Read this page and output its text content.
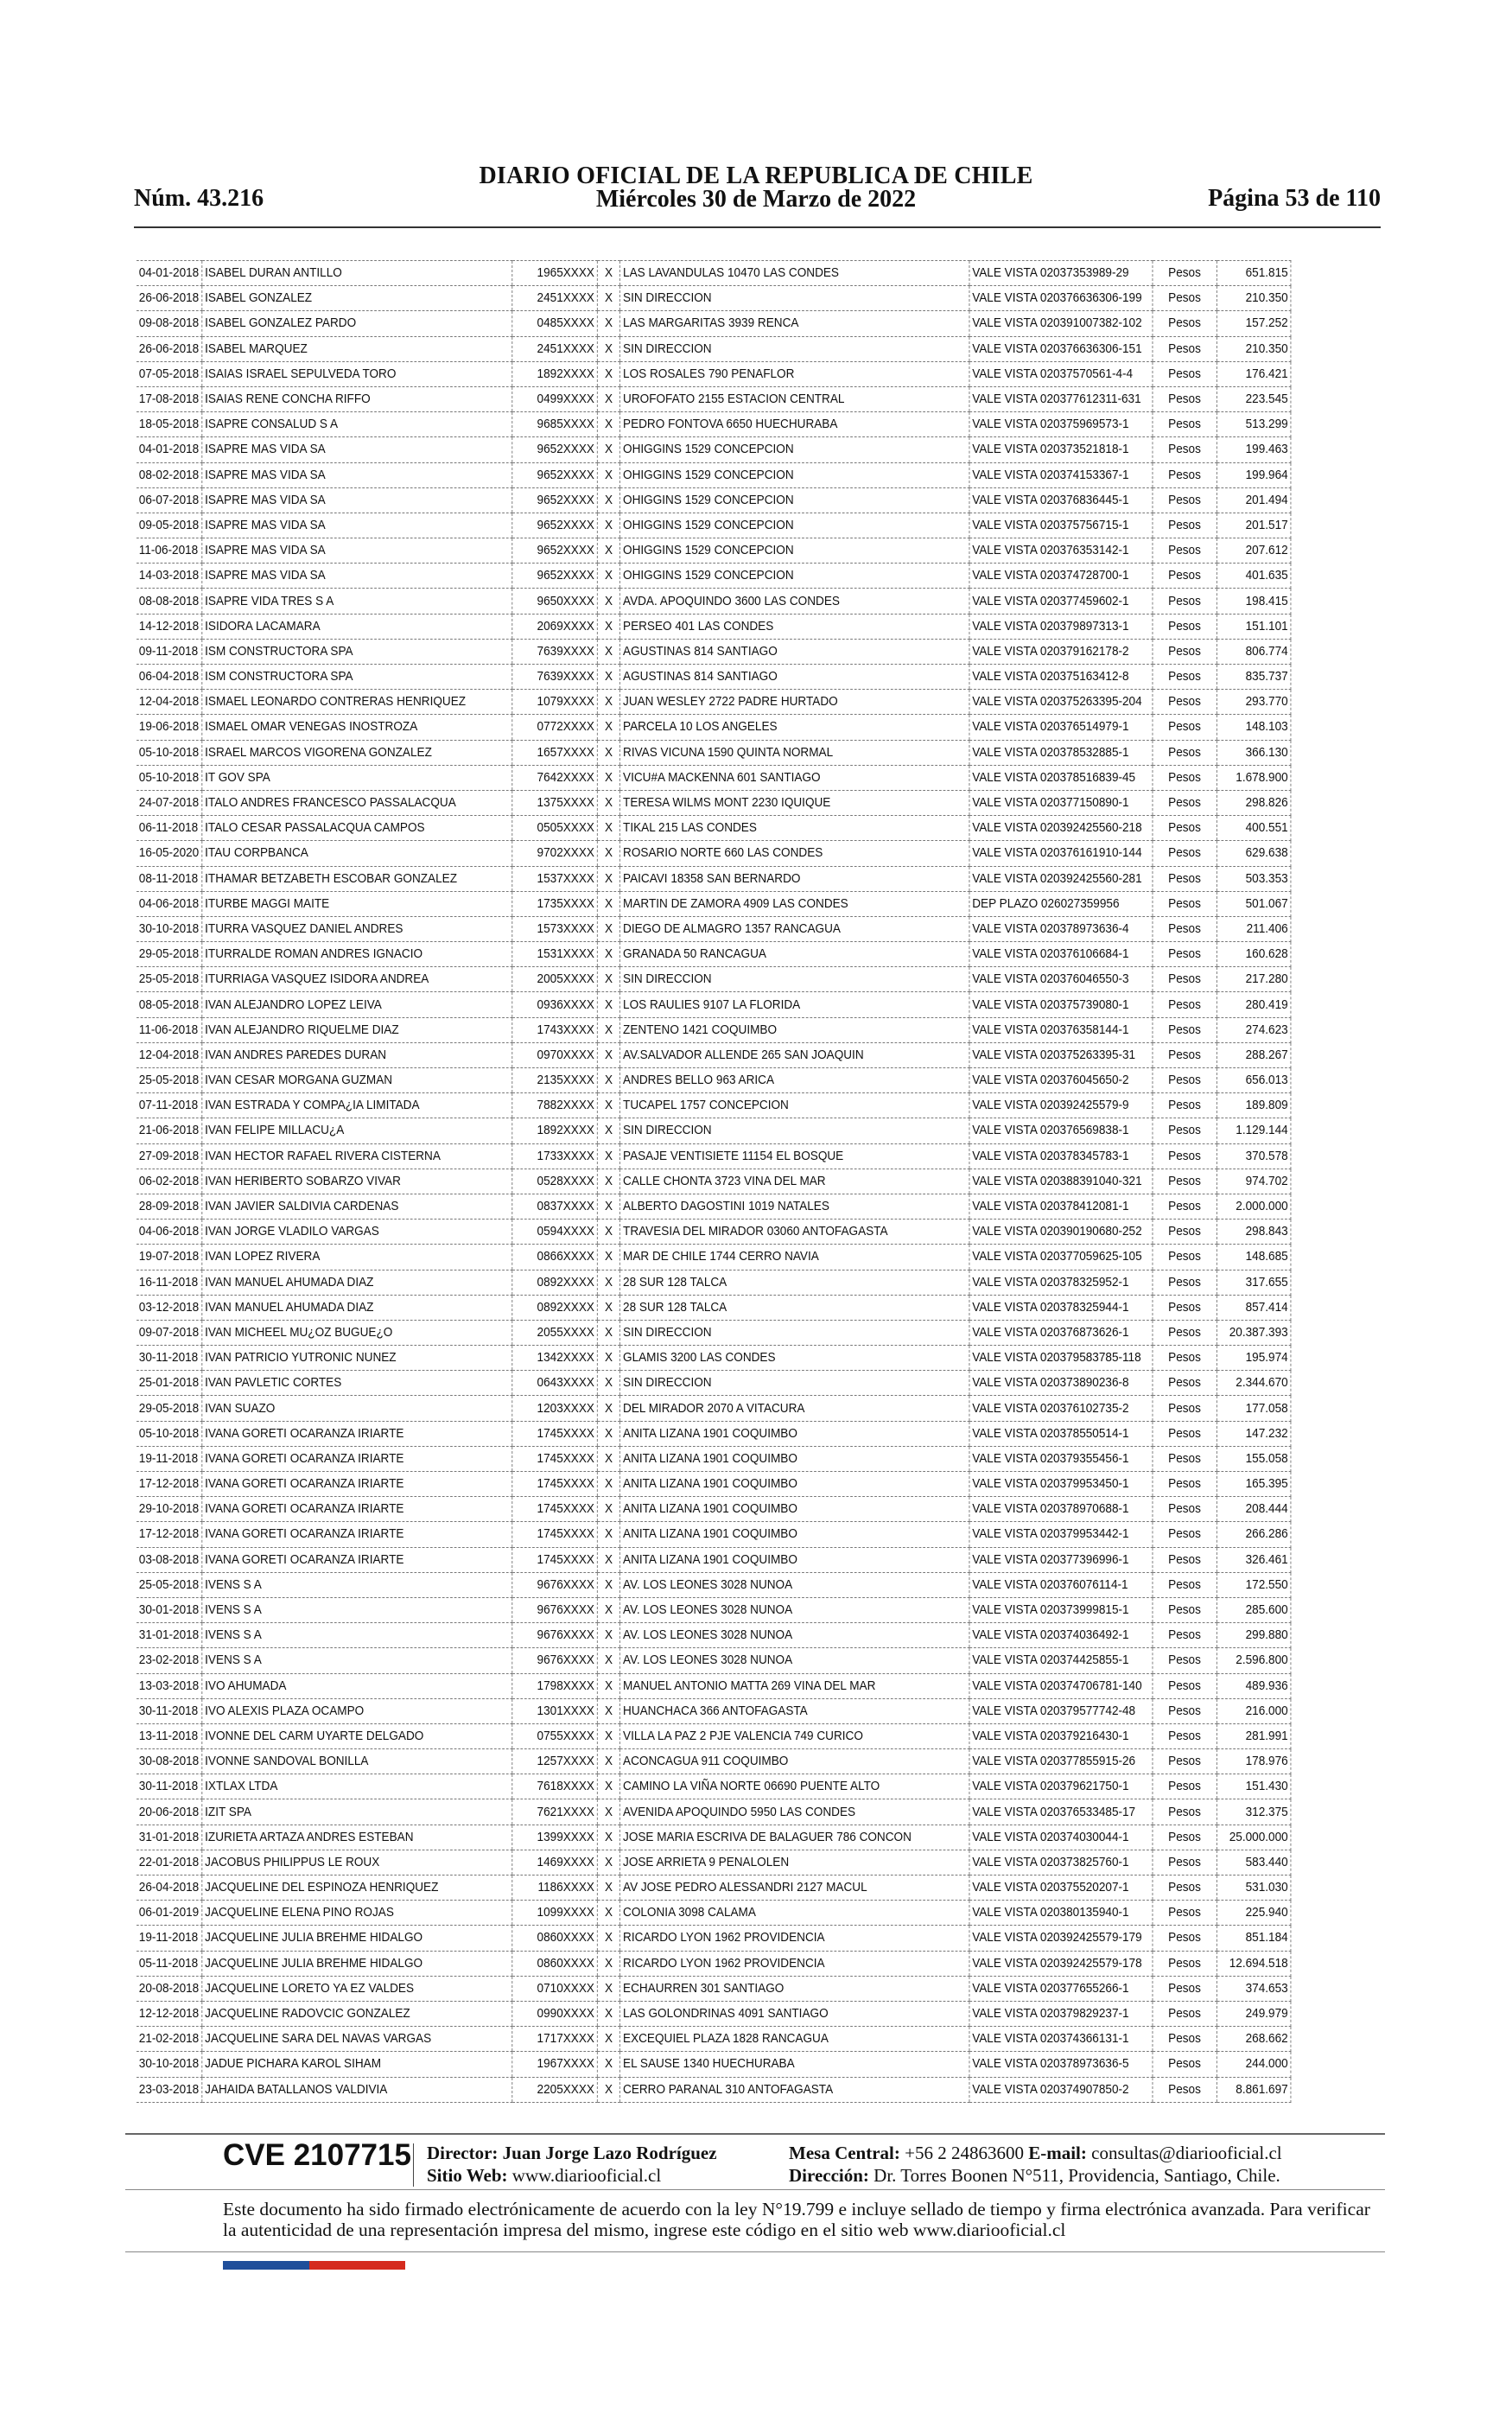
DIARIO OFICIAL DE LA REPUBLICA DE CHILE
Núm. 43.216	Miércoles 30 de Marzo de 2022	Página 53 de 110
04-01-2018	ISABEL DURAN ANTILLO	1965XXXX	X	LAS LAVANDULAS 10470 LAS CONDES	VALE VISTA 02037353989-29	Pesos	651.815
26-06-2018	ISABEL GONZALEZ	2451XXXX	X	SIN DIRECCION	VALE VISTA 020376636306-199	Pesos	210.350
09-08-2018	ISABEL GONZALEZ PARDO	0485XXXX	X	LAS MARGARITAS 3939 RENCA	VALE VISTA 020391007382-102	Pesos	157.252
26-06-2018	ISABEL MARQUEZ	2451XXXX	X	SIN DIRECCION	VALE VISTA 020376636306-151	Pesos	210.350
07-05-2018	ISAIAS ISRAEL SEPULVEDA TORO	1892XXXX	X	LOS ROSALES 790 PENAFLOR	VALE VISTA 02037570561-4-4	Pesos	176.421
17-08-2018	ISAIAS RENE CONCHA RIFFO	0499XXXX	X	UROFOFATO 2155 ESTACION CENTRAL	VALE VISTA 020377612311-631	Pesos	223.545
18-05-2018	ISAPRE CONSALUD S A	9685XXXX	X	PEDRO FONTOVA 6650 HUECHURABA	VALE VISTA 020375969573-1	Pesos	513.299
04-01-2018	ISAPRE MAS VIDA SA	9652XXXX	X	OHIGGINS 1529 CONCEPCION	VALE VISTA 020373521818-1	Pesos	199.463
08-02-2018	ISAPRE MAS VIDA SA	9652XXXX	X	OHIGGINS 1529 CONCEPCION	VALE VISTA 020374153367-1	Pesos	199.964
06-07-2018	ISAPRE MAS VIDA SA	9652XXXX	X	OHIGGINS 1529 CONCEPCION	VALE VISTA 020376836445-1	Pesos	201.494
09-05-2018	ISAPRE MAS VIDA SA	9652XXXX	X	OHIGGINS 1529 CONCEPCION	VALE VISTA 020375756715-1	Pesos	201.517
11-06-2018	ISAPRE MAS VIDA SA	9652XXXX	X	OHIGGINS 1529 CONCEPCION	VALE VISTA 020376353142-1	Pesos	207.612
14-03-2018	ISAPRE MAS VIDA SA	9652XXXX	X	OHIGGINS 1529 CONCEPCION	VALE VISTA 020374728700-1	Pesos	401.635
08-08-2018	ISAPRE VIDA TRES S A	9650XXXX	X	AVDA. APOQUINDO 3600 LAS CONDES	VALE VISTA 020377459602-1	Pesos	198.415
14-12-2018	ISIDORA LACAMARA	2069XXXX	X	PERSEO 401 LAS CONDES	VALE VISTA 020379897313-1	Pesos	151.101
09-11-2018	ISM CONSTRUCTORA SPA	7639XXXX	X	AGUSTINAS 814 SANTIAGO	VALE VISTA 020379162178-2	Pesos	806.774
06-04-2018	ISM CONSTRUCTORA SPA	7639XXXX	X	AGUSTINAS 814 SANTIAGO	VALE VISTA 020375163412-8	Pesos	835.737
12-04-2018	ISMAEL LEONARDO CONTRERAS HENRIQUEZ	1079XXXX	X	JUAN WESLEY 2722 PADRE HURTADO	VALE VISTA 020375263395-204	Pesos	293.770
19-06-2018	ISMAEL OMAR VENEGAS INOSTROZA	0772XXXX	X	PARCELA 10 LOS ANGELES	VALE VISTA 020376514979-1	Pesos	148.103
05-10-2018	ISRAEL MARCOS VIGORENA GONZALEZ	1657XXXX	X	RIVAS VICUNA 1590 QUINTA NORMAL	VALE VISTA 020378532885-1	Pesos	366.130
05-10-2018	IT GOV SPA	7642XXXX	X	VICU#A MACKENNA 601 SANTIAGO	VALE VISTA 020378516839-45	Pesos	1.678.900
24-07-2018	ITALO ANDRES FRANCESCO PASSALACQUA	1375XXXX	X	TERESA WILMS MONT 2230 IQUIQUE	VALE VISTA 020377150890-1	Pesos	298.826
06-11-2018	ITALO CESAR PASSALACQUA CAMPOS	0505XXXX	X	TIKAL 215 LAS CONDES	VALE VISTA 020392425560-218	Pesos	400.551
16-05-2020	ITAU CORPBANCA	9702XXXX	X	ROSARIO NORTE 660 LAS CONDES	VALE VISTA 020376161910-144	Pesos	629.638
08-11-2018	ITHAMAR BETZABETH ESCOBAR GONZALEZ	1537XXXX	X	PAICAVI 18358 SAN BERNARDO	VALE VISTA 020392425560-281	Pesos	503.353
04-06-2018	ITURBE MAGGI MAITE	1735XXXX	X	MARTIN DE ZAMORA 4909 LAS CONDES	DEP PLAZO 026027359956	Pesos	501.067
30-10-2018	ITURRA VASQUEZ DANIEL ANDRES	1573XXXX	X	DIEGO DE ALMAGRO 1357 RANCAGUA	VALE VISTA 020378973636-4	Pesos	211.406
29-05-2018	ITURRALDE ROMAN ANDRES IGNACIO	1531XXXX	X	GRANADA 50 RANCAGUA	VALE VISTA 020376106684-1	Pesos	160.628
25-05-2018	ITURRIAGA VASQUEZ ISIDORA ANDREA	2005XXXX	X	SIN DIRECCION	VALE VISTA 020376046550-3	Pesos	217.280
08-05-2018	IVAN ALEJANDRO LOPEZ LEIVA	0936XXXX	X	LOS RAULIES 9107 LA FLORIDA	VALE VISTA 020375739080-1	Pesos	280.419
11-06-2018	IVAN ALEJANDRO RIQUELME DIAZ	1743XXXX	X	ZENTENO 1421 COQUIMBO	VALE VISTA 020376358144-1	Pesos	274.623
12-04-2018	IVAN ANDRES PAREDES DURAN	0970XXXX	X	AV.SALVADOR ALLENDE 265 SAN JOAQUIN	VALE VISTA 020375263395-31	Pesos	288.267
25-05-2018	IVAN CESAR MORGANA GUZMAN	2135XXXX	X	ANDRES BELLO 963 ARICA	VALE VISTA 020376045650-2	Pesos	656.013
07-11-2018	IVAN ESTRADA Y COMPA¿IA LIMITADA	7882XXXX	X	TUCAPEL 1757 CONCEPCION	VALE VISTA 020392425579-9	Pesos	189.809
21-06-2018	IVAN FELIPE MILLACU¿A	1892XXXX	X	SIN DIRECCION	VALE VISTA 020376569838-1	Pesos	1.129.144
27-09-2018	IVAN HECTOR RAFAEL RIVERA CISTERNA	1733XXXX	X	PASAJE VENTISIETE 11154 EL BOSQUE	VALE VISTA 020378345783-1	Pesos	370.578
06-02-2018	IVAN HERIBERTO SOBARZO VIVAR	0528XXXX	X	CALLE CHONTA 3723 VINA DEL MAR	VALE VISTA 020388391040-321	Pesos	974.702
28-09-2018	IVAN JAVIER SALDIVIA CARDENAS	0837XXXX	X	ALBERTO DAGOSTINI 1019 NATALES	VALE VISTA 020378412081-1	Pesos	2.000.000
04-06-2018	IVAN JORGE VLADILO VARGAS	0594XXXX	X	TRAVESIA DEL MIRADOR 03060 ANTOFAGASTA	VALE VISTA 020390190680-252	Pesos	298.843
19-07-2018	IVAN LOPEZ RIVERA	0866XXXX	X	MAR DE CHILE 1744 CERRO NAVIA	VALE VISTA 020377059625-105	Pesos	148.685
16-11-2018	IVAN MANUEL AHUMADA DIAZ	0892XXXX	X	28 SUR 128 TALCA	VALE VISTA 020378325952-1	Pesos	317.655
03-12-2018	IVAN MANUEL AHUMADA DIAZ	0892XXXX	X	28 SUR 128 TALCA	VALE VISTA 020378325944-1	Pesos	857.414
09-07-2018	IVAN MICHEEL MU¿OZ BUGUE¿O	2055XXXX	X	SIN DIRECCION	VALE VISTA 020376873626-1	Pesos	20.387.393
30-11-2018	IVAN PATRICIO YUTRONIC NUNEZ	1342XXXX	X	GLAMIS 3200 LAS CONDES	VALE VISTA 020379583785-118	Pesos	195.974
25-01-2018	IVAN PAVLETIC CORTES	0643XXXX	X	SIN DIRECCION	VALE VISTA 020373890236-8	Pesos	2.344.670
29-05-2018	IVAN SUAZO	1203XXXX	X	DEL MIRADOR 2070 A VITACURA	VALE VISTA 020376102735-2	Pesos	177.058
05-10-2018	IVANA GORETI OCARANZA IRIARTE	1745XXXX	X	ANITA LIZANA 1901 COQUIMBO	VALE VISTA 020378550514-1	Pesos	147.232
19-11-2018	IVANA GORETI OCARANZA IRIARTE	1745XXXX	X	ANITA LIZANA 1901 COQUIMBO	VALE VISTA 020379355456-1	Pesos	155.058
17-12-2018	IVANA GORETI OCARANZA IRIARTE	1745XXXX	X	ANITA LIZANA 1901 COQUIMBO	VALE VISTA 020379953450-1	Pesos	165.395
29-10-2018	IVANA GORETI OCARANZA IRIARTE	1745XXXX	X	ANITA LIZANA 1901 COQUIMBO	VALE VISTA 020378970688-1	Pesos	208.444
17-12-2018	IVANA GORETI OCARANZA IRIARTE	1745XXXX	X	ANITA LIZANA 1901 COQUIMBO	VALE VISTA 020379953442-1	Pesos	266.286
03-08-2018	IVANA GORETI OCARANZA IRIARTE	1745XXXX	X	ANITA LIZANA 1901 COQUIMBO	VALE VISTA 020377396996-1	Pesos	326.461
25-05-2018	IVENS S A	9676XXXX	X	AV. LOS LEONES 3028 NUNOA	VALE VISTA 020376076114-1	Pesos	172.550
30-01-2018	IVENS S A	9676XXXX	X	AV. LOS LEONES 3028 NUNOA	VALE VISTA 020373999815-1	Pesos	285.600
31-01-2018	IVENS S A	9676XXXX	X	AV. LOS LEONES 3028 NUNOA	VALE VISTA 020374036492-1	Pesos	299.880
23-02-2018	IVENS S A	9676XXXX	X	AV. LOS LEONES 3028 NUNOA	VALE VISTA 020374425855-1	Pesos	2.596.800
13-03-2018	IVO AHUMADA	1798XXXX	X	MANUEL ANTONIO MATTA 269 VINA DEL MAR	VALE VISTA 020374706781-140	Pesos	489.936
30-11-2018	IVO ALEXIS PLAZA OCAMPO	1301XXXX	X	HUANCHACA 366 ANTOFAGASTA	VALE VISTA 020379577742-48	Pesos	216.000
13-11-2018	IVONNE DEL CARM UYARTE DELGADO	0755XXXX	X	VILLA LA PAZ 2 PJE VALENCIA 749 CURICO	VALE VISTA 020379216430-1	Pesos	281.991
30-08-2018	IVONNE SANDOVAL BONILLA	1257XXXX	X	ACONCAGUA 911 COQUIMBO	VALE VISTA 020377855915-26	Pesos	178.976
30-11-2018	IXTLAX LTDA	7618XXXX	X	CAMINO LA VIÑA NORTE 06690 PUENTE ALTO	VALE VISTA 020379621750-1	Pesos	151.430
20-06-2018	IZIT SPA	7621XXXX	X	AVENIDA APOQUINDO 5950 LAS CONDES	VALE VISTA 020376533485-17	Pesos	312.375
31-01-2018	IZURIETA ARTAZA ANDRES ESTEBAN	1399XXXX	X	JOSE MARIA ESCRIVA DE BALAGUER 786 CONCON	VALE VISTA 020374030044-1	Pesos	25.000.000
22-01-2018	JACOBUS PHILIPPUS LE ROUX	1469XXXX	X	JOSE ARRIETA 9 PENALOLEN	VALE VISTA 020373825760-1	Pesos	583.440
26-04-2018	JACQUELINE DEL ESPINOZA HENRIQUEZ	1186XXXX	X	AV JOSE PEDRO ALESSANDRI 2127 MACUL	VALE VISTA 020375520207-1	Pesos	531.030
06-01-2019	JACQUELINE ELENA PINO ROJAS	1099XXXX	X	COLONIA 3098 CALAMA	VALE VISTA 020380135940-1	Pesos	225.940
19-11-2018	JACQUELINE JULIA BREHME HIDALGO	0860XXXX	X	RICARDO LYON 1962 PROVIDENCIA	VALE VISTA 020392425579-179	Pesos	851.184
05-11-2018	JACQUELINE JULIA BREHME HIDALGO	0860XXXX	X	RICARDO LYON 1962 PROVIDENCIA	VALE VISTA 020392425579-178	Pesos	12.694.518
20-08-2018	JACQUELINE LORETO YA EZ VALDES	0710XXXX	X	ECHAURREN 301 SANTIAGO	VALE VISTA 020377655266-1	Pesos	374.653
12-12-2018	JACQUELINE RADOVCIC GONZALEZ	0990XXXX	X	LAS GOLONDRINAS 4091 SANTIAGO	VALE VISTA 020379829237-1	Pesos	249.979
21-02-2018	JACQUELINE SARA DEL NAVAS VARGAS	1717XXXX	X	EXCEQUIEL PLAZA 1828 RANCAGUA	VALE VISTA 020374366131-1	Pesos	268.662
30-10-2018	JADUE PICHARA KAROL SIHAM	1967XXXX	X	EL SAUSE 1340 HUECHURABA	VALE VISTA 020378973636-5	Pesos	244.000
23-03-2018	JAHAIDA BATALLANOS VALDIVIA	2205XXXX	X	CERRO PARANAL 310 ANTOFAGASTA	VALE VISTA 020374907850-2	Pesos	8.861.697
CVE 2107715 Director: Juan Jorge Lazo Rodríguez
Sitio Web: www.diariooficial.cl
Mesa Central: +56 2 24863600 E-mail: consultas@diariooficial.cl
Dirección: Dr. Torres Boonen N°511, Providencia, Santiago, Chile.
Este documento ha sido firmado electrónicamente de acuerdo con la ley N°19.799 e incluye sellado de tiempo y firma electrónica avanzada. Para verificar la autenticidad de una representación impresa del mismo, ingrese este código en el sitio web www.diariooficial.cl
